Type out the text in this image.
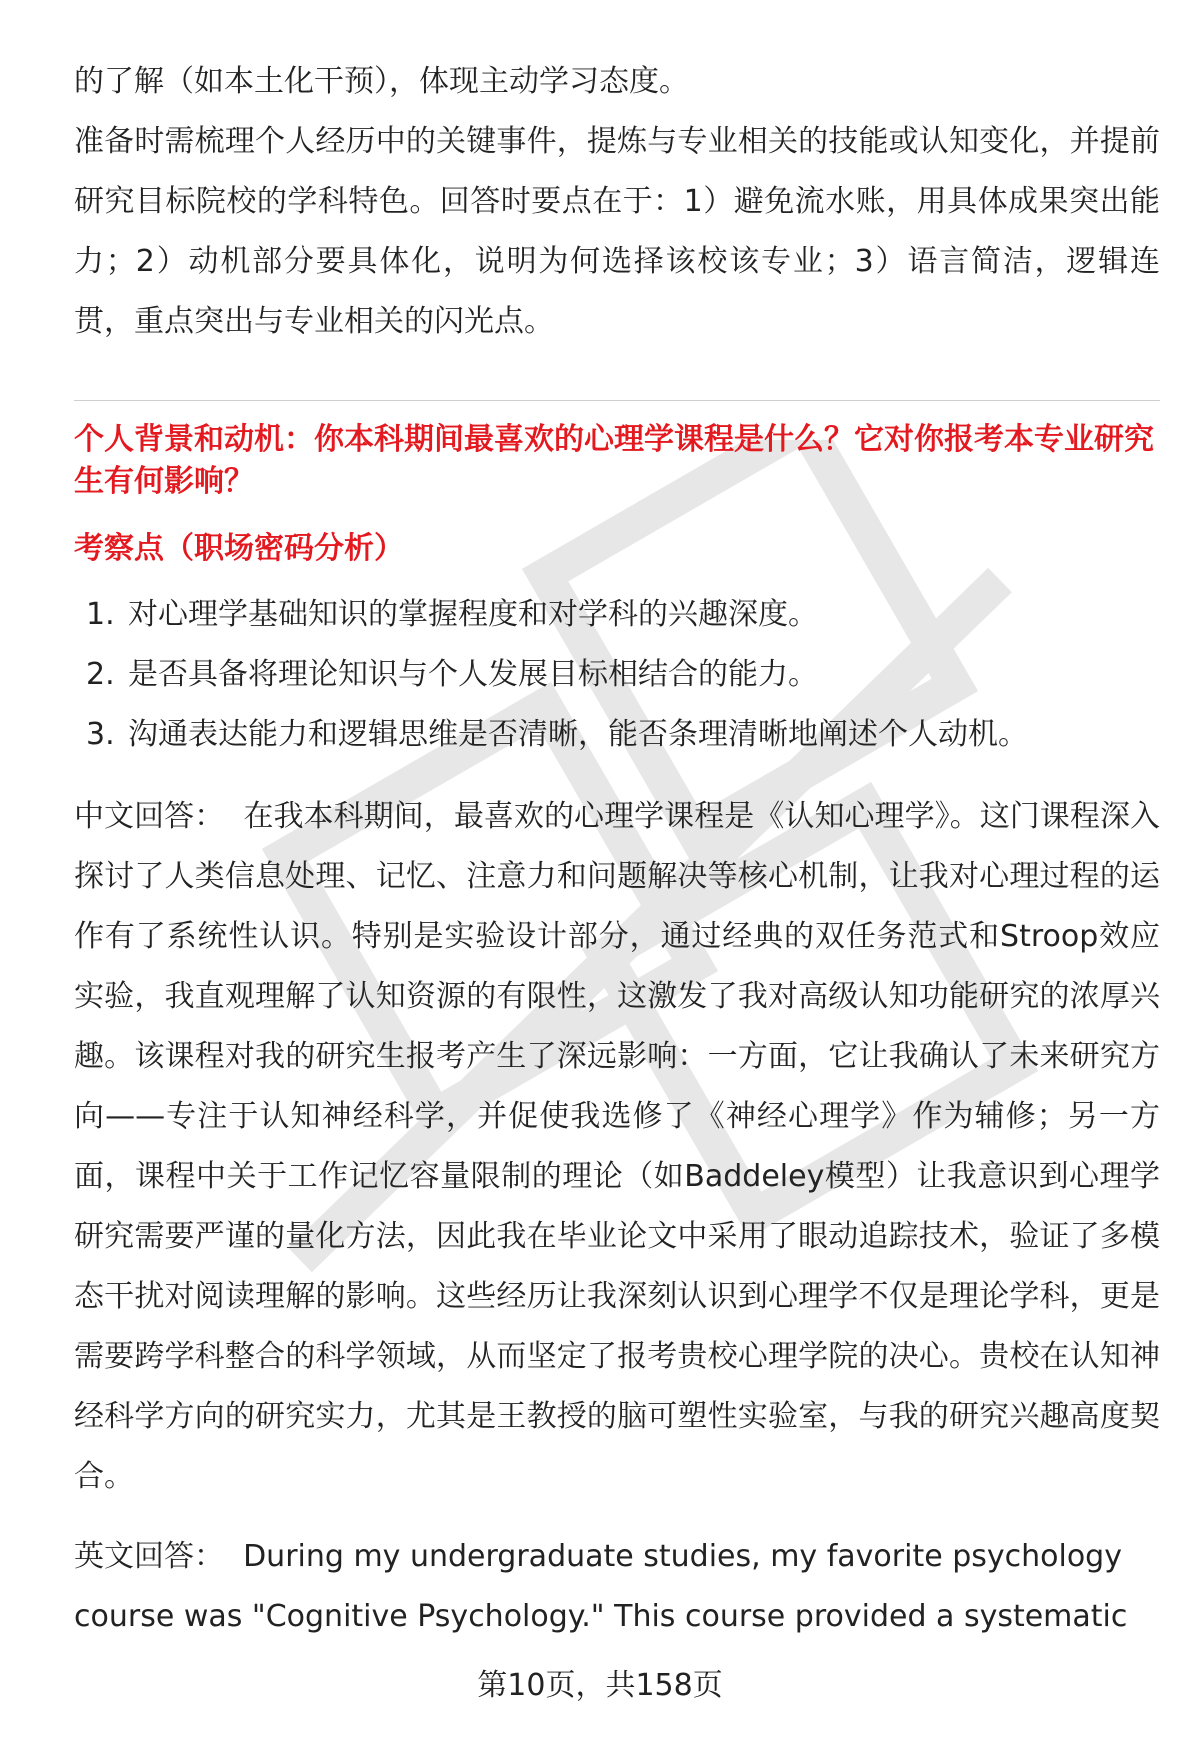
的了解（如本土化干预），体现主动学习态度。

准备时需梳理个人经历中的关键事件，提炼与专业相关的技能或认知变化，并提前研究目标院校的学科特色。回答时要点在于：1）避免流水账，用具体成果突出能力；2）动机部分要具体化，说明为何选择该校该专业；3）语言简洁，逻辑连贯，重点突出与专业相关的闪光点。

个人背景和动机：你本科期间最喜欢的心理学课程是什么？它对你报考本专业研究生有何影响？
考察点（职场密码分析）
1. 对心理学基础知识的掌握程度和对学科的兴趣深度。
2. 是否具备将理论知识与个人发展目标相结合的能力。
3. 沟通表达能力和逻辑思维是否清晰，能否条理清晰地阐述个人动机。

中文回答： 在我本科期间，最喜欢的心理学课程是《认知心理学》。这门课程深入探讨了人类信息处理、记忆、注意力和问题解决等核心机制，让我对心理过程的运作有了系统性认识。特别是实验设计部分，通过经典的双任务范式和Stroop效应实验，我直观理解了认知资源的有限性，这激发了我对高级认知功能研究的浓厚兴趣。该课程对我的研究生报考产生了深远影响：一方面，它让我确认了未来研究方向——专注于认知神经科学，并促使我选修了《神经心理学》作为辅修；另一方面，课程中关于工作记忆容量限制的理论（如Baddeley模型）让我意识到心理学研究需要严谨的量化方法，因此我在毕业论文中采用了眼动追踪技术，验证了多模态干扰对阅读理解的影响。这些经历让我深刻认识到心理学不仅是理论学科，更是需要跨学科整合的科学领域，从而坚定了报考贵校心理学院的决心。贵校在认知神经科学方向的研究实力，尤其是王教授的脑可塑性实验室，与我的研究兴趣高度契合。

英文回答： During my undergraduate studies, my favorite psychology course was "Cognitive Psychology." This course provided a systematic

第10页，共158页
